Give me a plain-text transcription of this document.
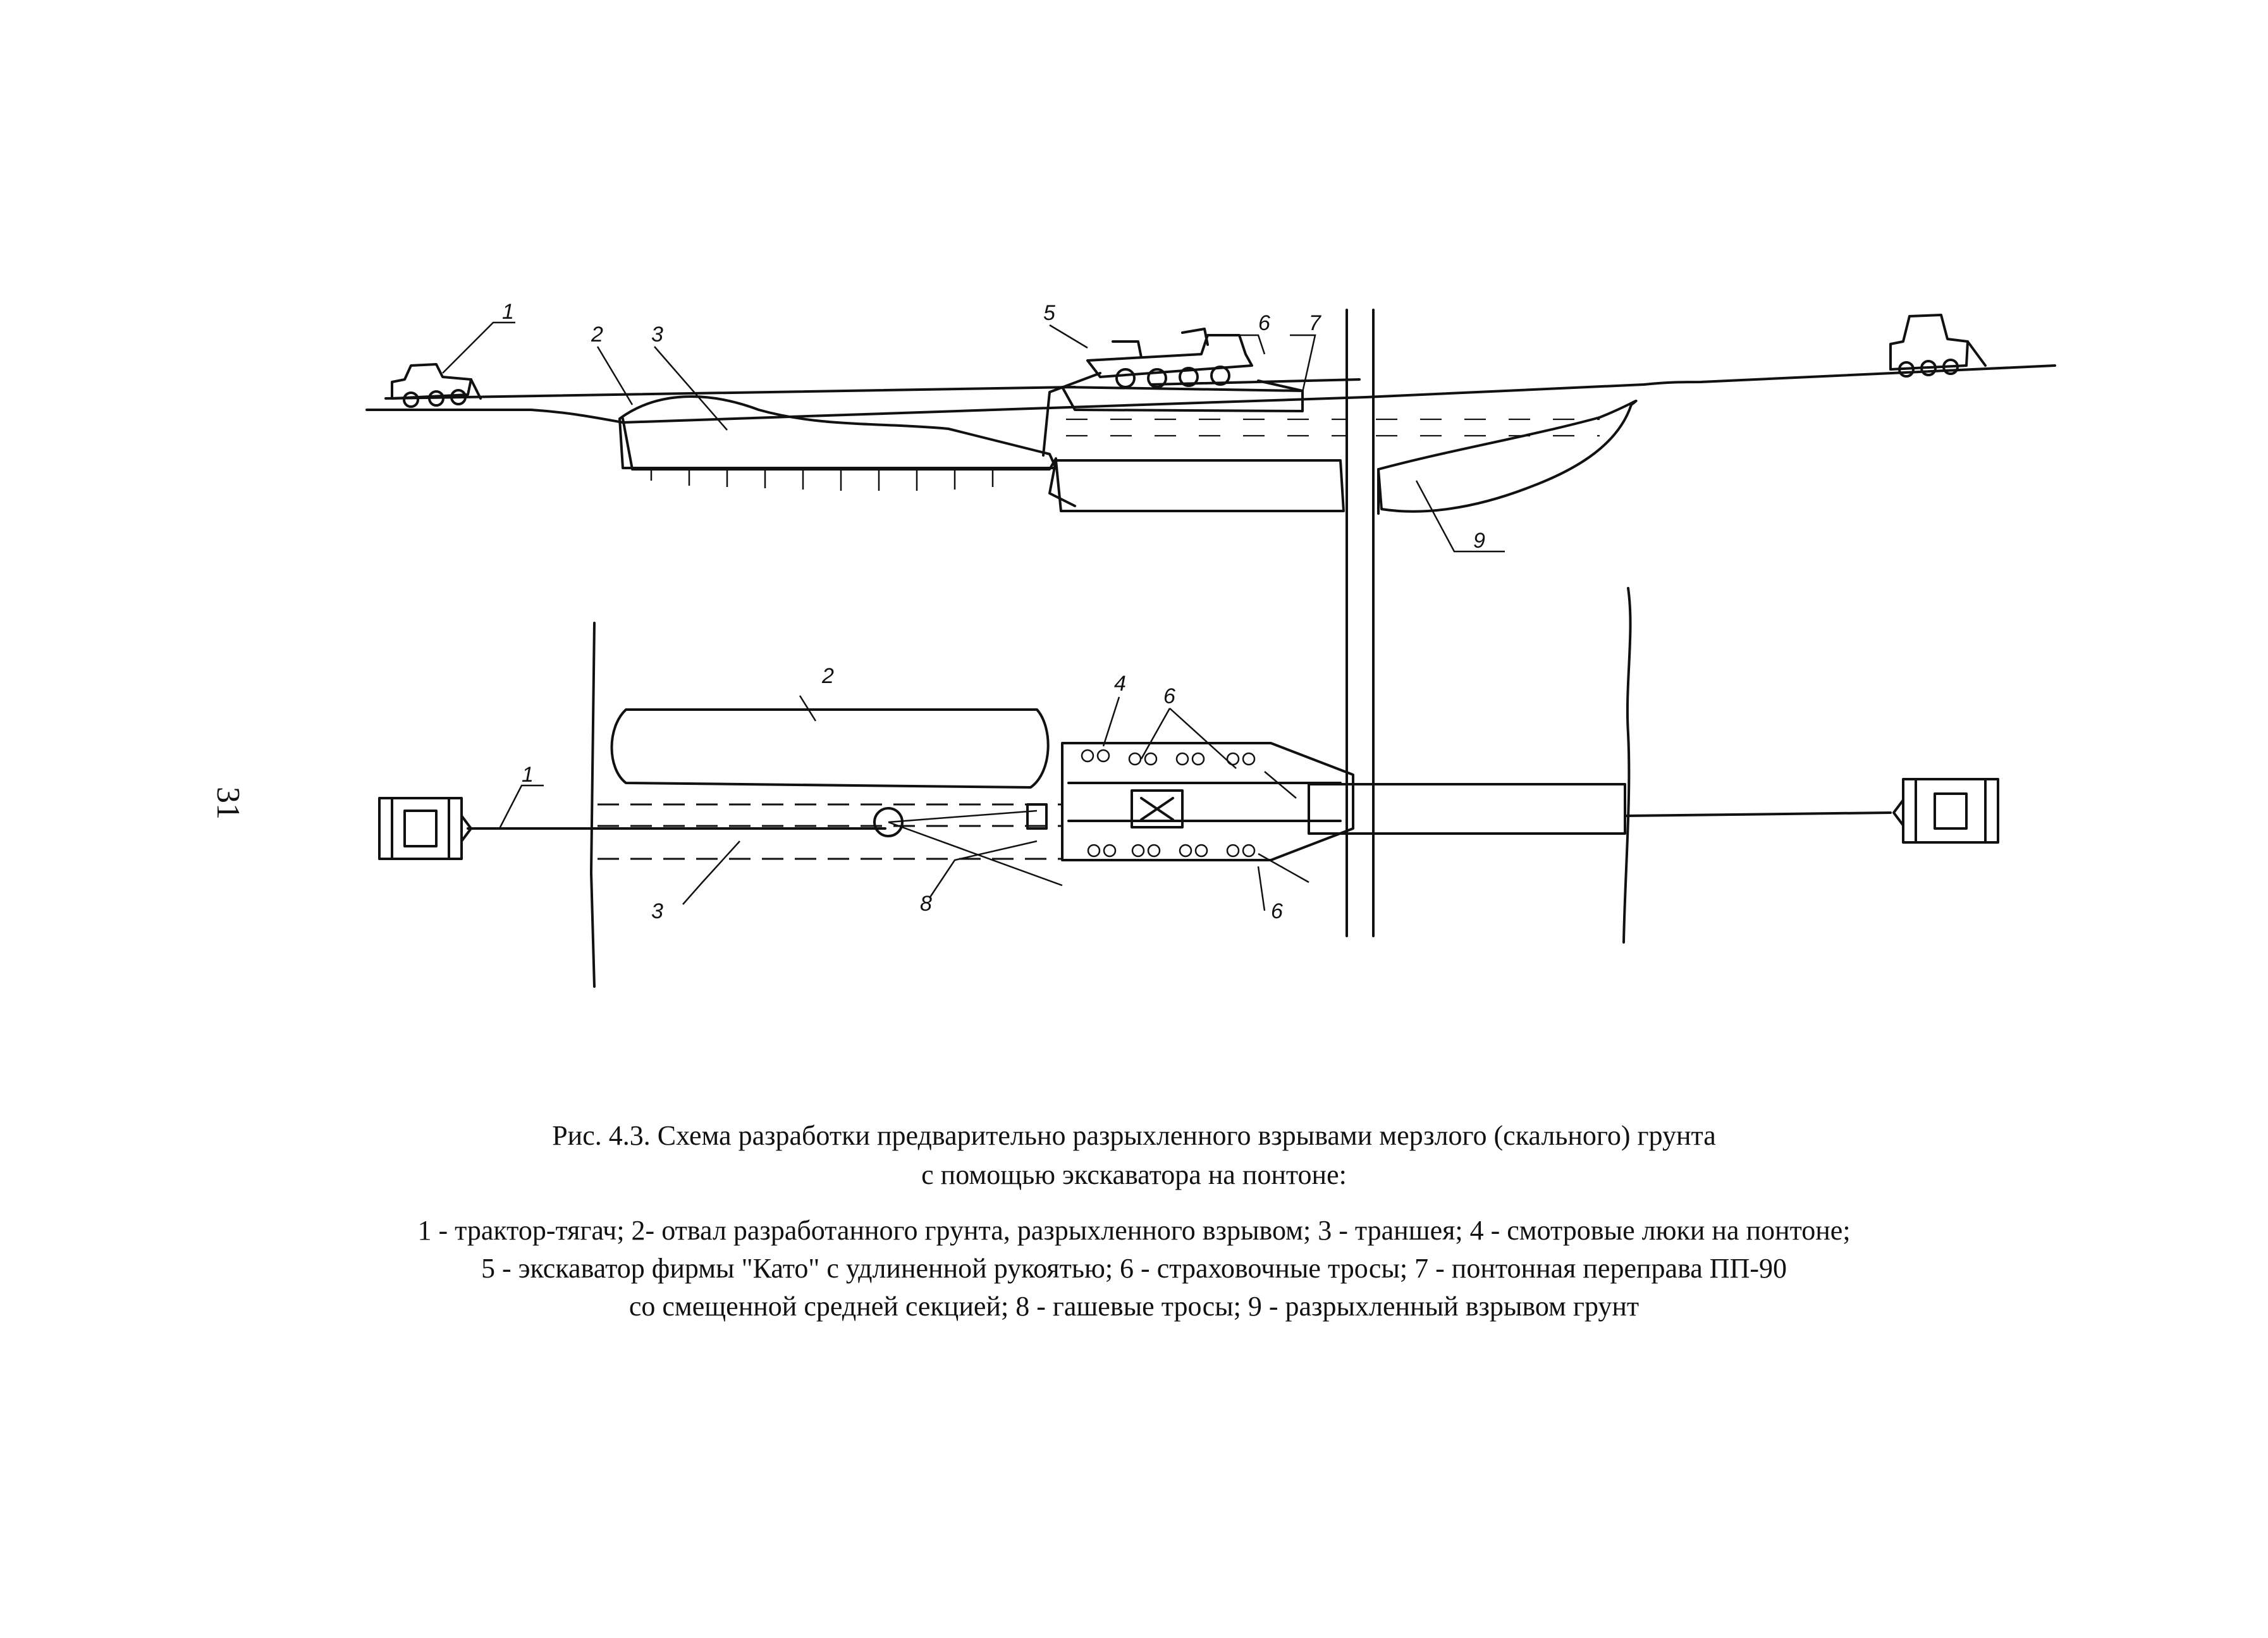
1
2 3
5	6 7
9
1
2
3
4
6
6
8
31
Рис. 4.3. Схема разработки предварительно разрыхленного взрывами мерзлого (скального) грунта
с помощью экскаватора на понтоне:
1 - трактор-тягач; 2- отвал разработанного грунта, разрыхленного взрывом; 3 - траншея; 4 - смотровые люки на понтоне;
5 - экскаватор фирмы "Като" с удлиненной рукоятью; 6 - страховочные тросы; 7 - понтонная переправа ПП-90
со смещенной средней секцией; 8 - гашевые тросы; 9 - разрыхленный взрывом грунт
